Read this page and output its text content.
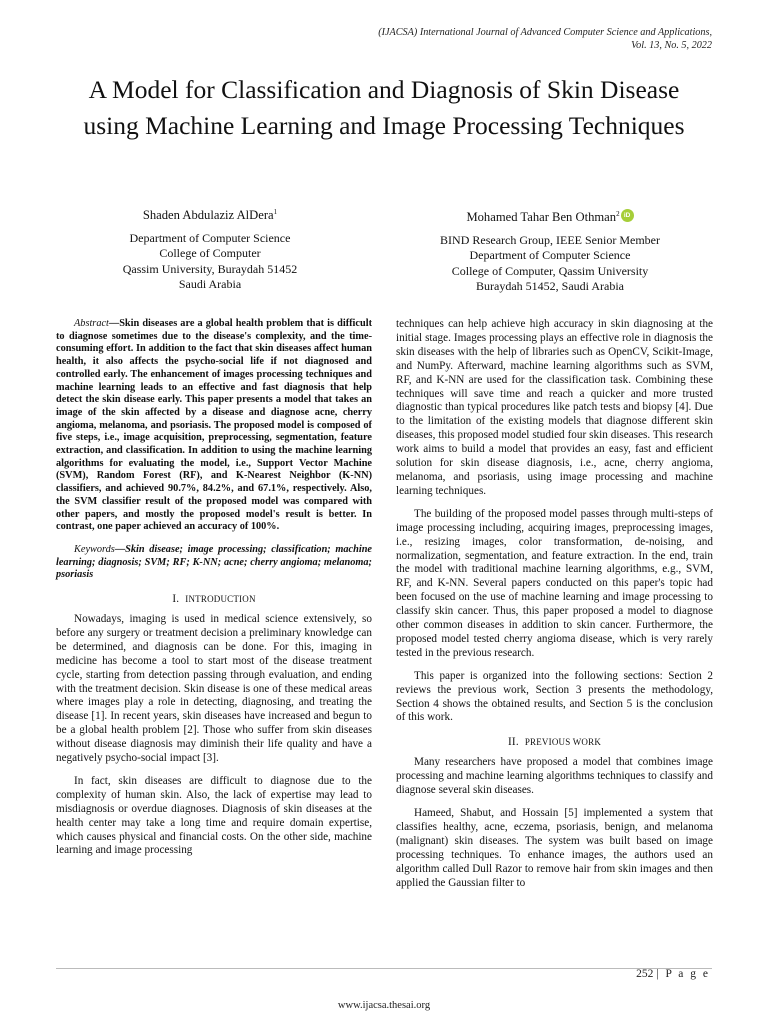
(IJACSA) International Journal of Advanced Computer Science and Applications,
Vol. 13, No. 5, 2022
A Model for Classification and Diagnosis of Skin Disease using Machine Learning and Image Processing Techniques
Shaden Abdulaziz AlDera$^1$
Department of Computer Science
College of Computer
Qassim University, Buraydah 51452
Saudi Arabia
Mohamed Tahar Ben Othman$^2$ iD
BIND Research Group, IEEE Senior Member
Department of Computer Science
College of Computer, Qassim University
Buraydah 51452, Saudi Arabia

Abstract—Skin diseases are a global health problem that is difficult to diagnose sometimes due to the disease's complexity, and the time-consuming effort. In addition to the fact that skin diseases affect human health, it also affects the psycho-social life if not diagnosed and controlled early. The enhancement of images processing techniques and machine learning leads to an effective and fast diagnosis that help detect the skin disease early. This paper presents a model that takes an image of the skin affected by a disease and diagnose acne, cherry angioma, melanoma, and psoriasis. The proposed model is composed of five steps, i.e., image acquisition, preprocessing, segmentation, feature extraction, and classification. In addition to using the machine learning algorithms for evaluating the model, i.e., Support Vector Machine (SVM), Random Forest (RF), and K-Nearest Neighbor (K-NN) classifiers, and achieved 90.7%, 84.2%, and 67.1%, respectively. Also, the SVM classifier result of the proposed model was compared with other papers, and mostly the proposed model's result is better. In contrast, one paper achieved an accuracy of 100%.

Keywords—Skin disease; image processing; classification; machine learning; diagnosis; SVM; RF; K-NN; acne; cherry angioma; melanoma; psoriasis

I. INTRODUCTION

Nowadays, imaging is used in medical science extensively, so before any surgery or treatment decision a preliminary knowledge can be determined, and diagnosis can be done. For this, imaging in medicine has become a tool to start most of the disease treatment cycle, starting from detection passing through evaluation, and ending with the treatment decision. Skin disease is one of these medical areas where images play a role in detecting, diagnosing, and treating the disease [1]. In recent years, skin diseases have increased and begun to be a global health problem [2]. Those who suffer from skin diseases without disease diagnosis may diminish their life quality and have a negatively psycho-social impact [3].

In fact, skin diseases are difficult to diagnose due to the complexity of human skin. Also, the lack of expertise may lead to misdiagnosis or overdue diagnoses. Diagnosis of skin diseases at the health center may take a long time and require domain expertise, which causes physical and financial costs. On the other side, machine learning and image processing

techniques can help achieve high accuracy in skin diagnosing at the initial stage. Images processing plays an effective role in diagnosis the skin diseases with the help of libraries such as OpenCV, Scikit-Image, and NumPy. Afterward, machine learning algorithms such as SVM, RF, and K-NN are used for the classification task. Combining these techniques will save time and reach a quicker and more trusted diagnostic than typical procedures like patch tests and biopsy [4]. Due to the limitation of the existing models that diagnose different skin diseases, this proposed model studied four skin diseases. This research work aims to build a model that provides an easy, fast and efficient solution for skin disease diagnosis, i.e., acne, cherry angioma, melanoma, and psoriasis, using image processing and machine learning techniques.

The building of the proposed model passes through multi-steps of image processing including, acquiring images, preprocessing images, i.e., resizing images, color transformation, de-noising, and normalization, segmentation, and feature extraction. In the end, train the model with traditional machine learning algorithms, e.g., SVM, RF, and K-NN. Several papers conducted on this paper's topic had been focused on the use of machine learning and image processing to classify skin cancer. Thus, this paper proposed a model to diagnose other common diseases in addition to skin cancer. Furthermore, the proposed model tested cherry angioma disease, which is very rarely tested in the previous research.

This paper is organized into the following sections: Section 2 reviews the previous work, Section 3 presents the methodology, Section 4 shows the obtained results, and Section 5 is the conclusion of this work.

II. PREVIOUS WORK

Many researchers have proposed a model that combines image processing and machine learning algorithms techniques to classify and diagnose several skin diseases.

Hameed, Shabut, and Hossain [5] implemented a system that classifies healthy, acne, eczema, psoriasis, benign, and melanoma (malignant) skin diseases. The system was built based on image processing techniques. To enhance images, the authors used an algorithm called Dull Razor to remove hair from skin images and then applied the Gaussian filter to

252 | P a g e
www.ijacsa.thesai.org
